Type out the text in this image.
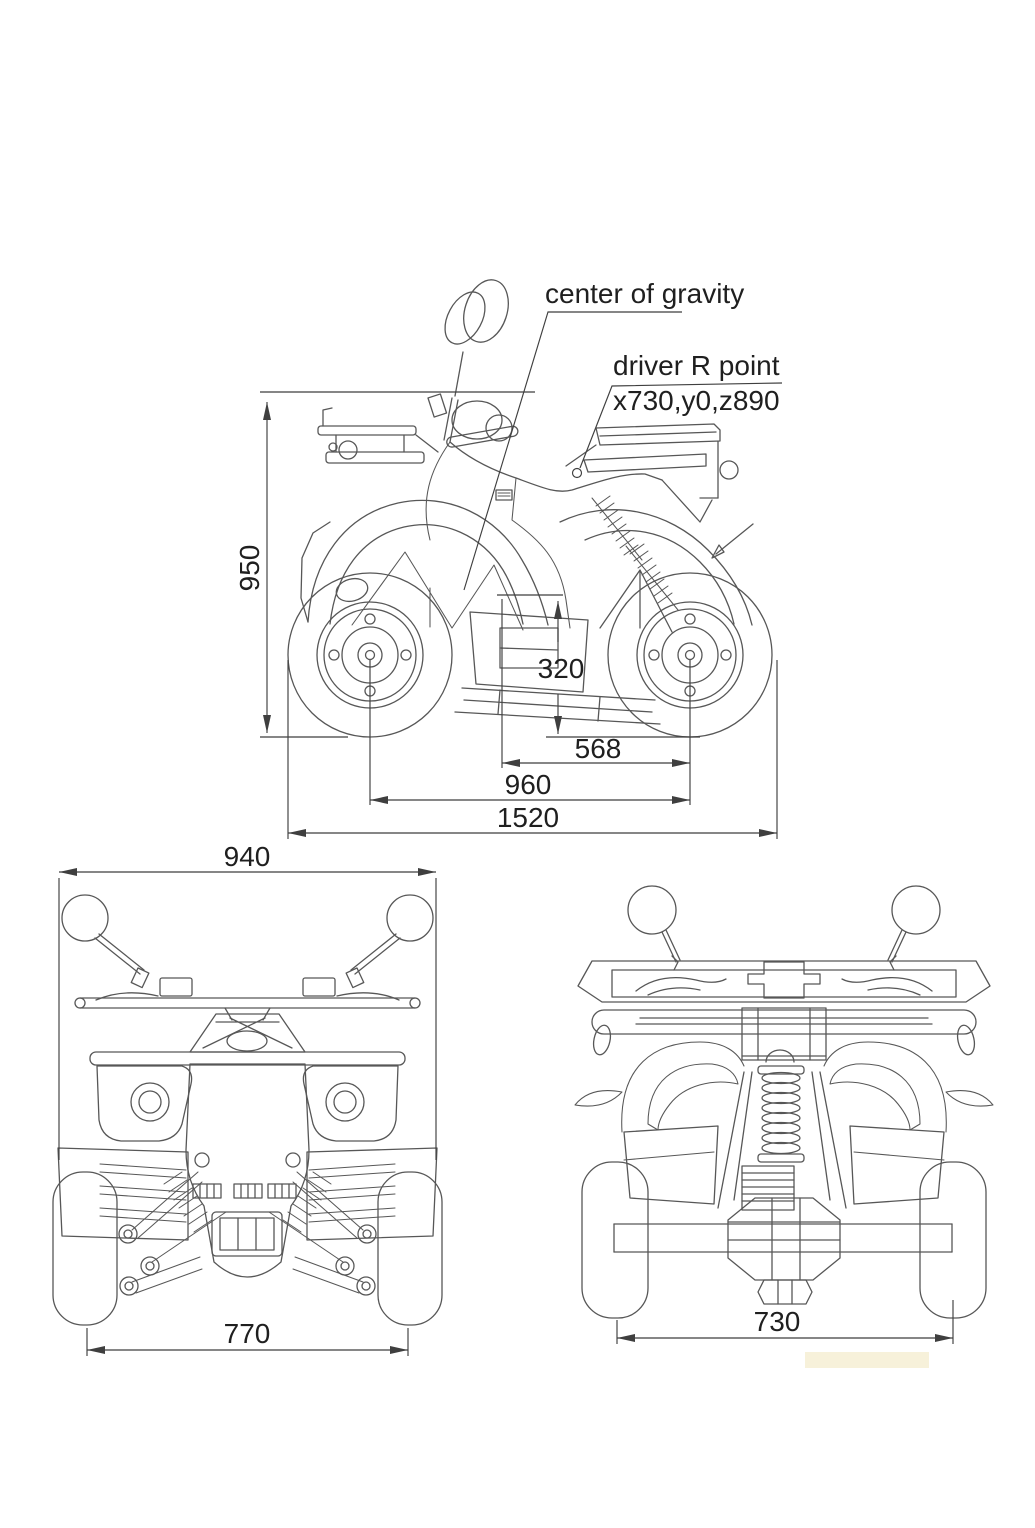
center of gravity
driver R point
x730,y0,z890
950
320
568
960
1520
940
770	730
